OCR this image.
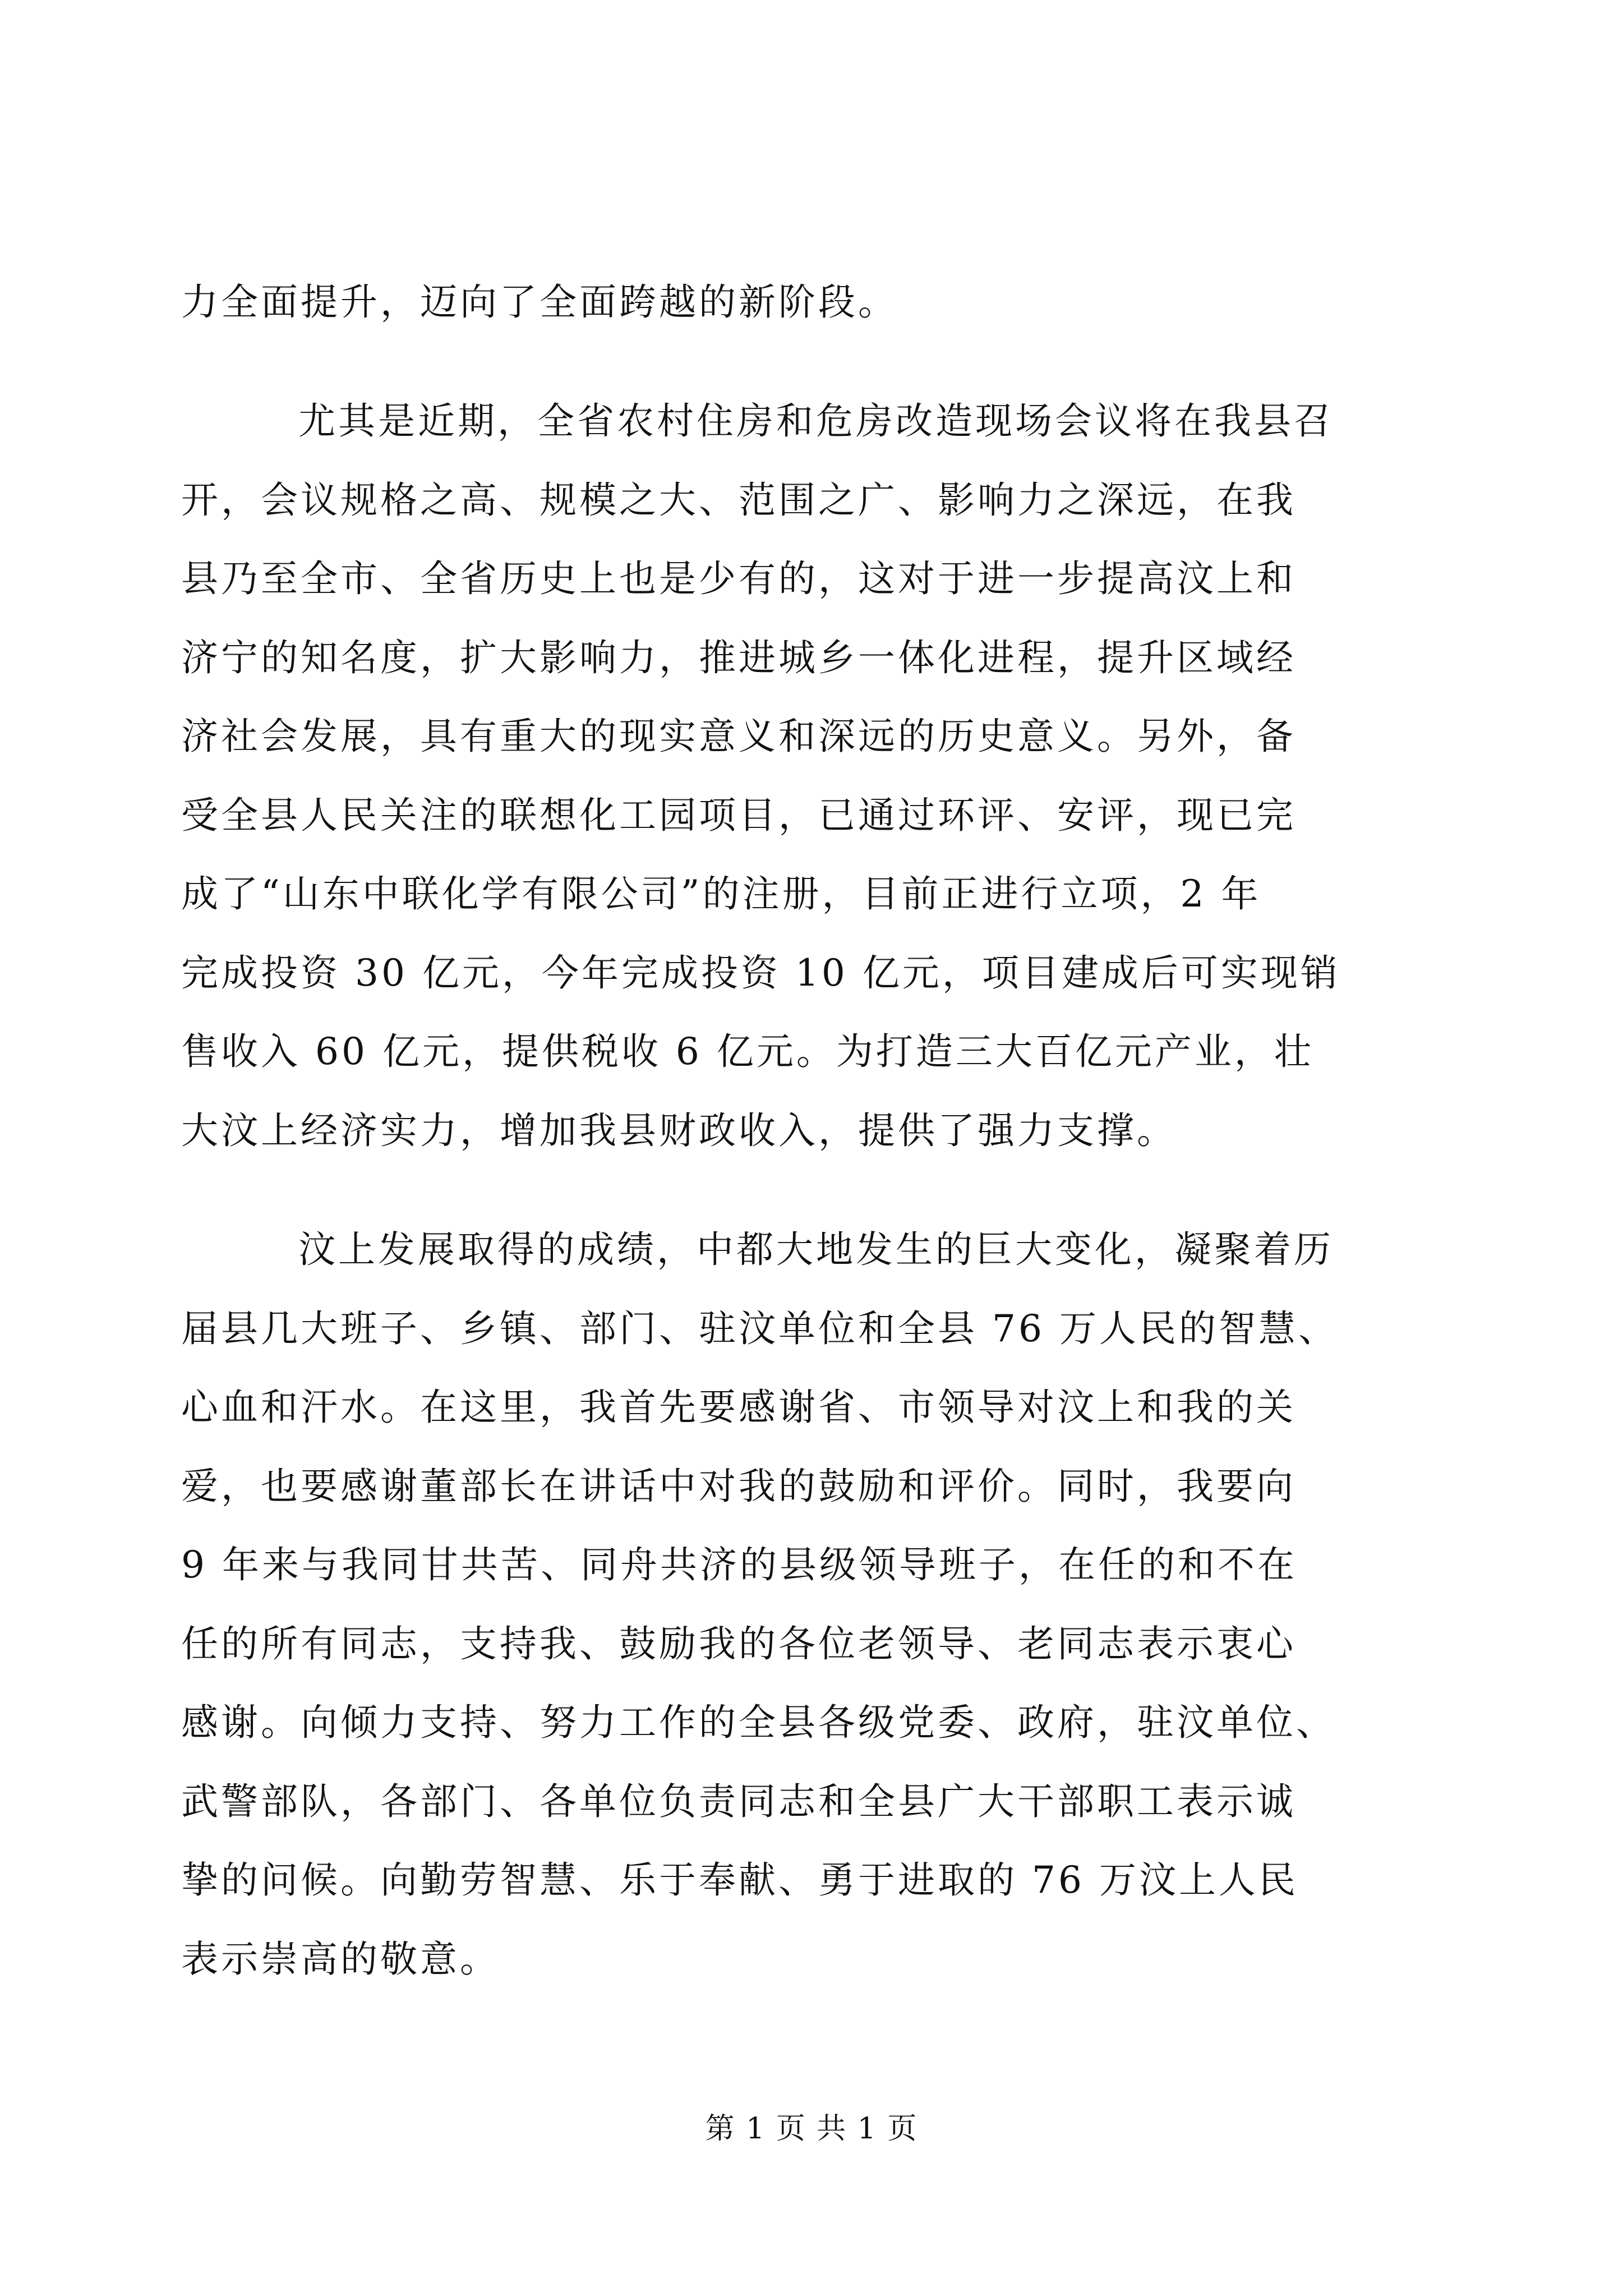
力全面提升，迈向了全面跨越的新阶段。

尤其是近期，全省农村住房和危房改造现场会议将在我县召

开，会议规格之高、规模之大、范围之广、影响力之深远，在我

县乃至全市、全省历史上也是少有的，这对于进一步提高汶上和

济宁的知名度，扩大影响力，推进城乡一体化进程，提升区域经

济社会发展，具有重大的现实意义和深远的历史意义。另外，备

受全县人民关注的联想化工园项目，已通过环评、安评，现已完

成了“山东中联化学有限公司”的注册，目前正进行立项，2 年

完成投资 30 亿元，今年完成投资 10 亿元，项目建成后可实现销

售收入 60 亿元，提供税收 6 亿元。为打造三大百亿元产业，壮

大汶上经济实力，增加我县财政收入，提供了强力支撑。

汶上发展取得的成绩，中都大地发生的巨大变化，凝聚着历

届县几大班子、乡镇、部门、驻汶单位和全县 76 万人民的智慧、

心血和汗水。在这里，我首先要感谢省、市领导对汶上和我的关

爱，也要感谢董部长在讲话中对我的鼓励和评价。同时，我要向

9 年来与我同甘共苦、同舟共济的县级领导班子，在任的和不在

任的所有同志，支持我、鼓励我的各位老领导、老同志表示衷心

感谢。向倾力支持、努力工作的全县各级党委、政府，驻汶单位、

武警部队，各部门、各单位负责同志和全县广大干部职工表示诚

挚的问候。向勤劳智慧、乐于奉献、勇于进取的 76 万汶上人民

表示崇高的敬意。

第 1 页 共 1 页
